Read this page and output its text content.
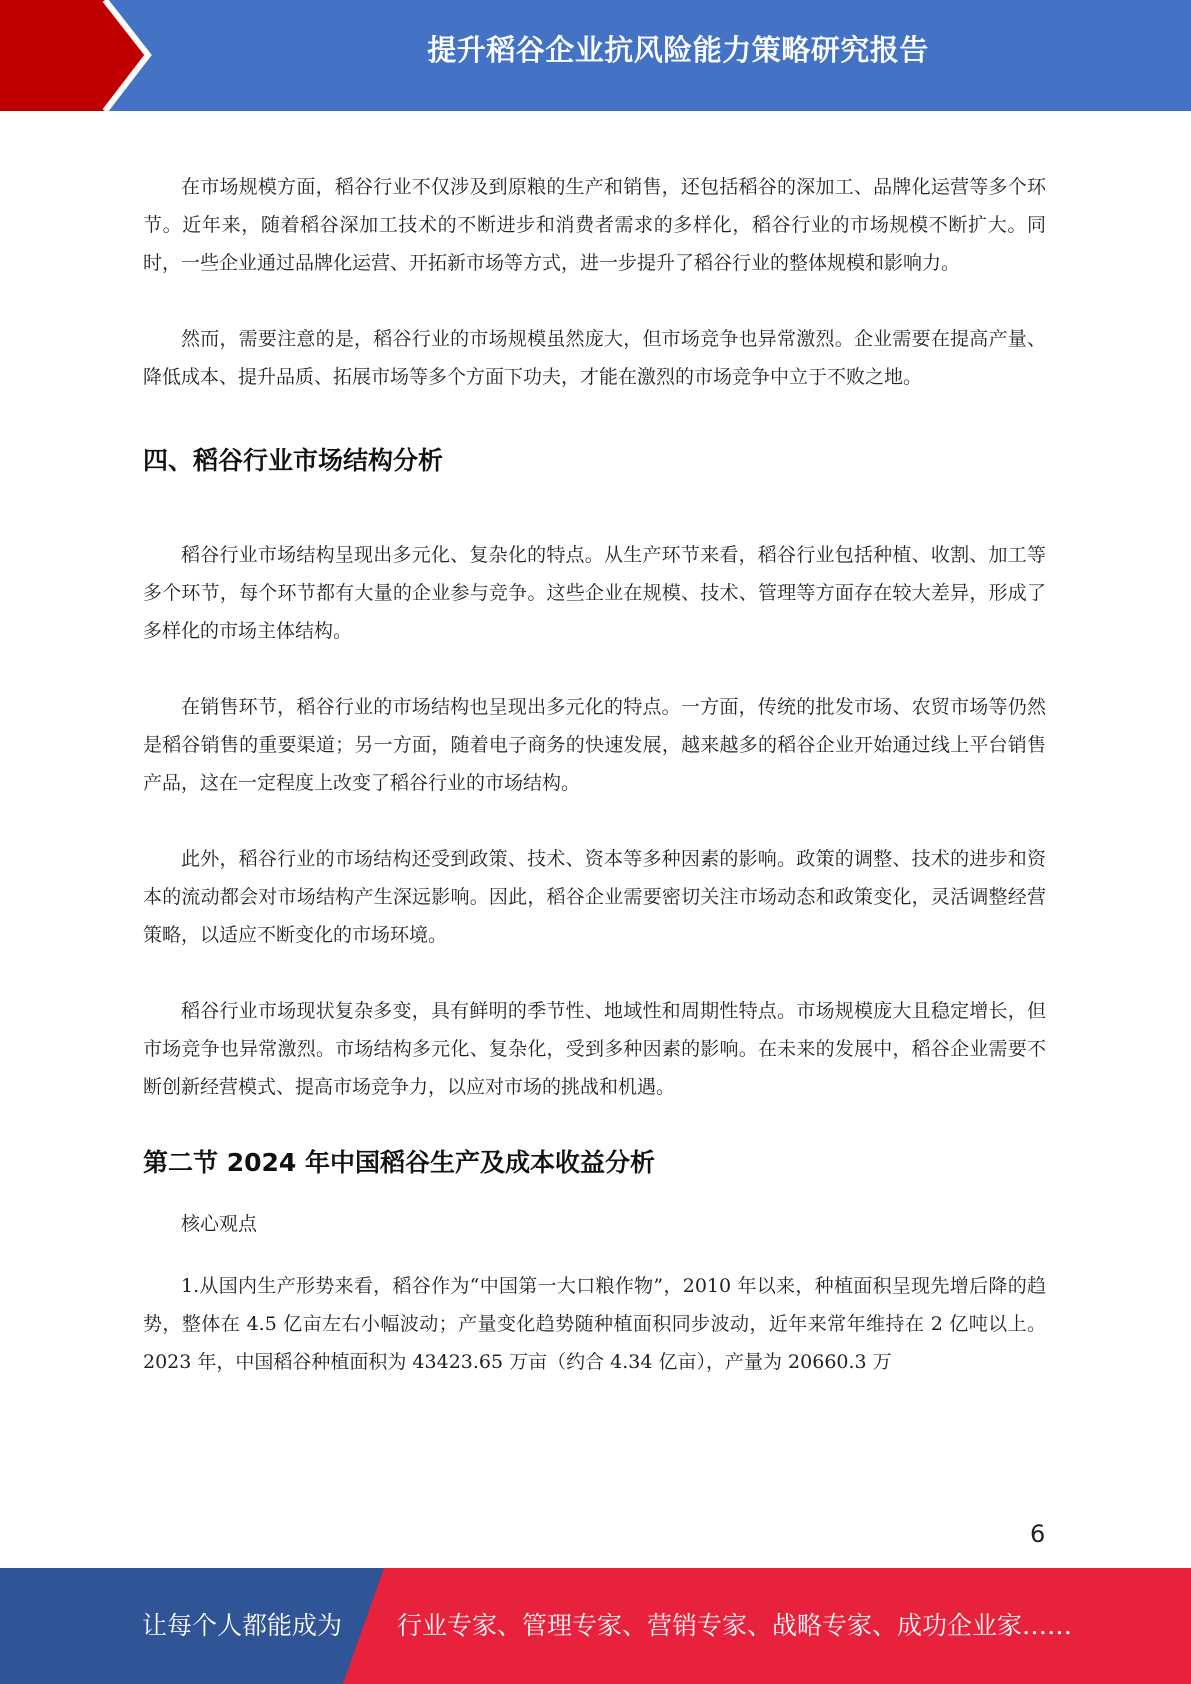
提升稻谷企业抗风险能力策略研究报告

在市场规模方面，稻谷行业不仅涉及到原粮的生产和销售，还包括稻谷的深加工、品牌化运营等多个环节。近年来，随着稻谷深加工技术的不断进步和消费者需求的多样化，稻谷行业的市场规模不断扩大。同时，一些企业通过品牌化运营、开拓新市场等方式，进一步提升了稻谷行业的整体规模和影响力。

然而，需要注意的是，稻谷行业的市场规模虽然庞大，但市场竞争也异常激烈。企业需要在提高产量、降低成本、提升品质、拓展市场等多个方面下功夫，才能在激烈的市场竞争中立于不败之地。

四、稻谷行业市场结构分析

稻谷行业市场结构呈现出多元化、复杂化的特点。从生产环节来看，稻谷行业包括种植、收割、加工等多个环节，每个环节都有大量的企业参与竞争。这些企业在规模、技术、管理等方面存在较大差异，形成了多样化的市场主体结构。

在销售环节，稻谷行业的市场结构也呈现出多元化的特点。一方面，传统的批发市场、农贸市场等仍然是稻谷销售的重要渠道；另一方面，随着电子商务的快速发展，越来越多的稻谷企业开始通过线上平台销售产品，这在一定程度上改变了稻谷行业的市场结构。

此外，稻谷行业的市场结构还受到政策、技术、资本等多种因素的影响。政策的调整、技术的进步和资本的流动都会对市场结构产生深远影响。因此，稻谷企业需要密切关注市场动态和政策变化，灵活调整经营策略，以适应不断变化的市场环境。

稻谷行业市场现状复杂多变，具有鲜明的季节性、地域性和周期性特点。市场规模庞大且稳定增长，但市场竞争也异常激烈。市场结构多元化、复杂化，受到多种因素的影响。在未来的发展中，稻谷企业需要不断创新经营模式、提高市场竞争力，以应对市场的挑战和机遇。

第二节 2024 年中国稻谷生产及成本收益分析

核心观点

1.从国内生产形势来看，稻谷作为“中国第一大口粮作物”，2010 年以来，种植面积呈现先增后降的趋势，整体在 4.5 亿亩左右小幅波动；产量变化趋势随种植面积同步波动，近年来常年维持在 2 亿吨以上。2023 年，中国稻谷种植面积为 43423.65 万亩（约合 4.34 亿亩），产量为 20660.3 万

6
让每个人都能成为 行业专家、管理专家、营销专家、战略专家、成功企业家……
